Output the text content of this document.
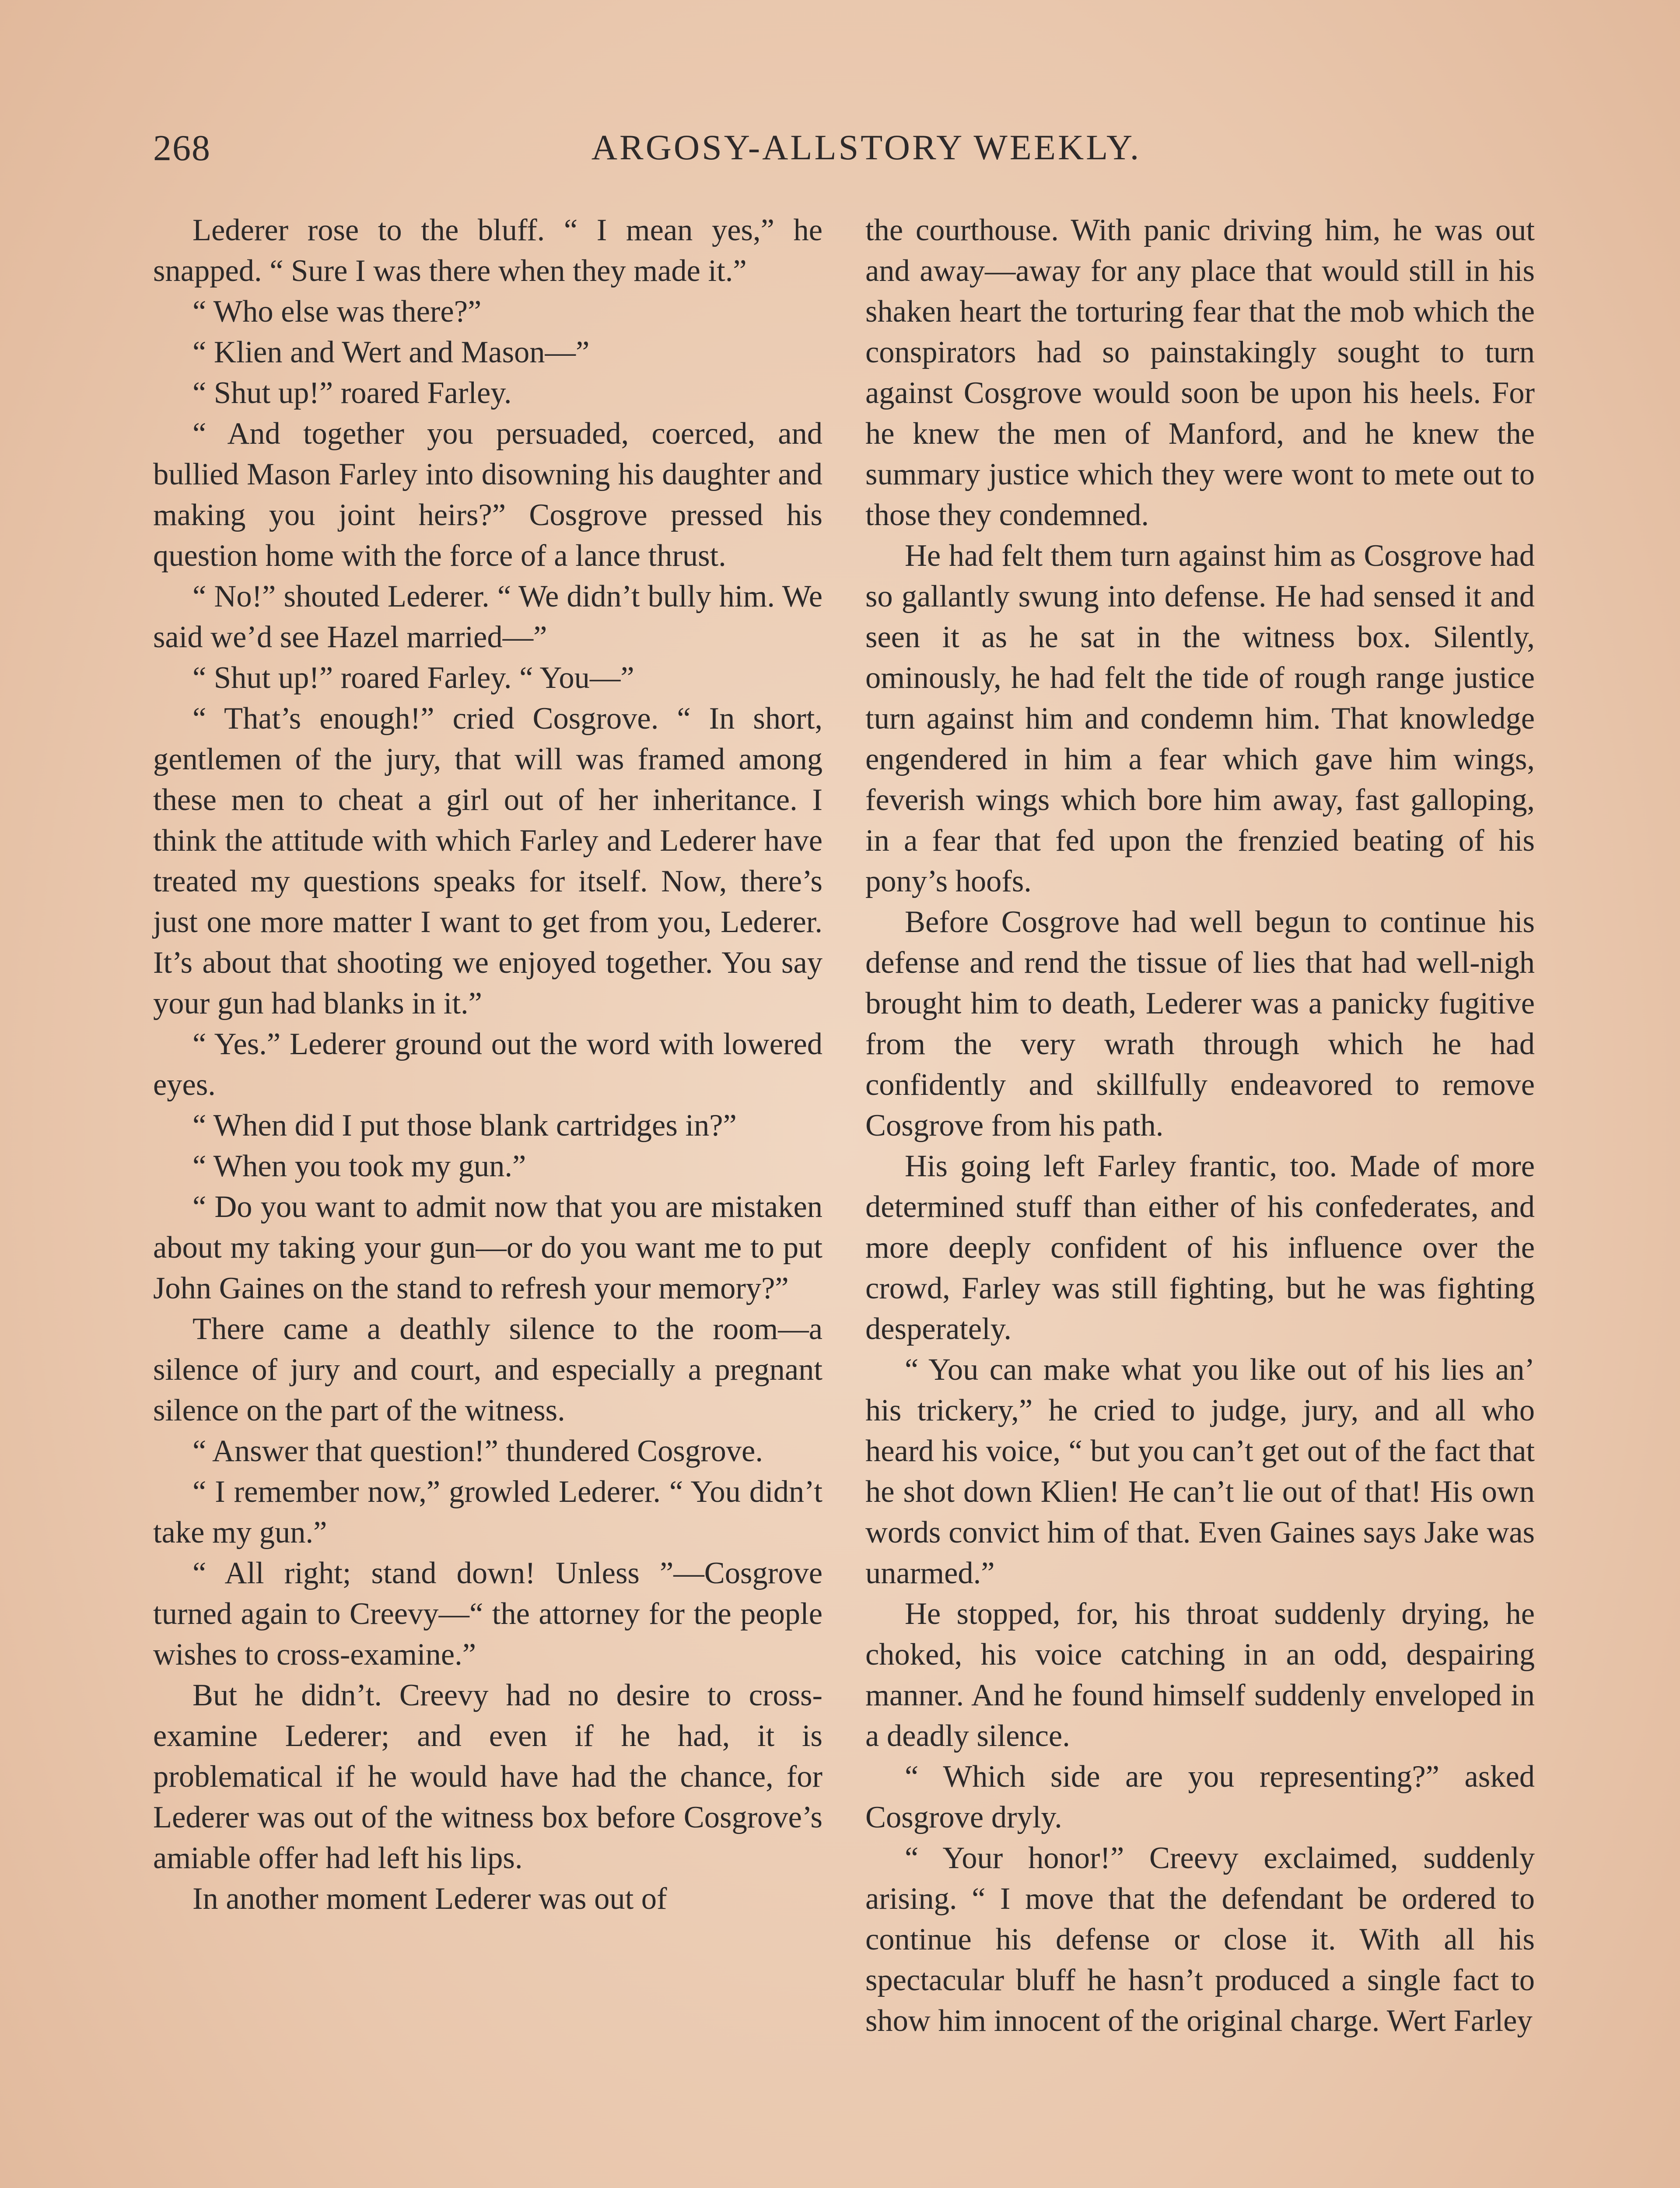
268	ARGOSY-ALLSTORY WEEKLY.

Lederer rose to the bluff. “ I mean yes,” he snapped. “ Sure I was there when they made it.”

“ Who else was there?”

“ Klien and Wert and Mason—”

“ Shut up!” roared Farley.

“ And together you persuaded, coerced, and bullied Mason Farley into disowning his daughter and making you joint heirs?” Cosgrove pressed his question home with the force of a lance thrust.

“ No!” shouted Lederer. “ We didn’t bully him. We said we’d see Hazel married—”

“ Shut up!” roared Farley. “ You—”

“ That’s enough!” cried Cosgrove. “ In short, gentlemen of the jury, that will was framed among these men to cheat a girl out of her inheritance. I think the attitude with which Farley and Lederer have treated my questions speaks for itself. Now, there’s just one more matter I want to get from you, Lederer. It’s about that shooting we enjoyed together. You say your gun had blanks in it.”

“ Yes.” Lederer ground out the word with lowered eyes.

“ When did I put those blank cartridges in?”

“ When you took my gun.”

“ Do you want to admit now that you are mistaken about my taking your gun—or do you want me to put John Gaines on the stand to refresh your memory?”

There came a deathly silence to the room—a silence of jury and court, and especially a pregnant silence on the part of the witness.

“ Answer that question!” thundered Cosgrove.

“ I remember now,” growled Lederer. “ You didn’t take my gun.”

“ All right; stand down! Unless ”—Cosgrove turned again to Creevy—“ the attorney for the people wishes to cross-examine.”

But he didn’t. Creevy had no desire to cross-examine Lederer; and even if he had, it is problematical if he would have had the chance, for Lederer was out of the witness box before Cosgrove’s amiable offer had left his lips.

In another moment Lederer was out of

the courthouse. With panic driving him, he was out and away—away for any place that would still in his shaken heart the torturing fear that the mob which the conspirators had so painstakingly sought to turn against Cosgrove would soon be upon his heels. For he knew the men of Manford, and he knew the summary justice which they were wont to mete out to those they condemned.

He had felt them turn against him as Cosgrove had so gallantly swung into defense. He had sensed it and seen it as he sat in the witness box. Silently, ominously, he had felt the tide of rough range justice turn against him and condemn him. That knowledge engendered in him a fear which gave him wings, feverish wings which bore him away, fast galloping, in a fear that fed upon the frenzied beating of his pony’s hoofs.

Before Cosgrove had well begun to continue his defense and rend the tissue of lies that had well-nigh brought him to death, Lederer was a panicky fugitive from the very wrath through which he had confidently and skillfully endeavored to remove Cosgrove from his path.

His going left Farley frantic, too. Made of more determined stuff than either of his confederates, and more deeply confident of his influence over the crowd, Farley was still fighting, but he was fighting desperately.

“ You can make what you like out of his lies an’ his trickery,” he cried to judge, jury, and all who heard his voice, “ but you can’t get out of the fact that he shot down Klien! He can’t lie out of that! His own words convict him of that. Even Gaines says Jake was unarmed.”

He stopped, for, his throat suddenly drying, he choked, his voice catching in an odd, despairing manner. And he found himself suddenly enveloped in a deadly silence.

“ Which side are you representing?” asked Cosgrove dryly.

“ Your honor!” Creevy exclaimed, suddenly arising. “ I move that the defendant be ordered to continue his defense or close it. With all his spectacular bluff he hasn’t produced a single fact to show him innocent of the original charge. Wert Farley
